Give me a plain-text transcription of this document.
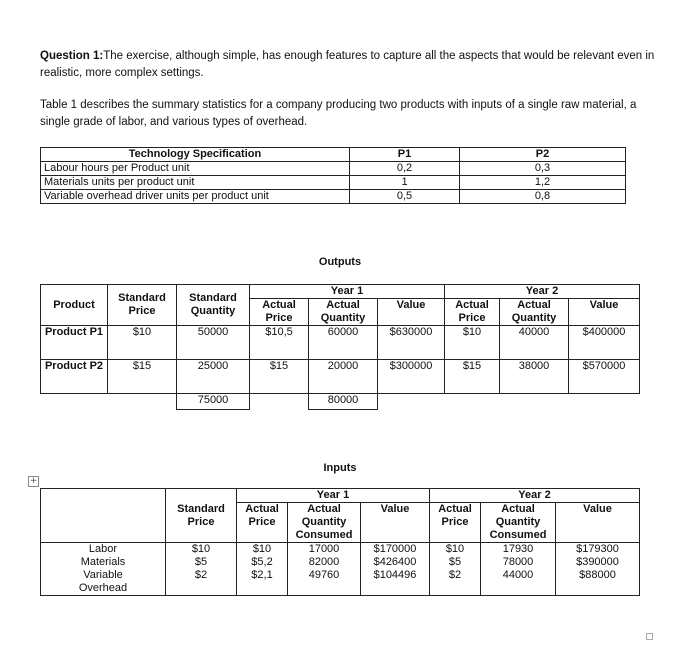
Question 1:The exercise, although simple, has enough features to capture all the aspects that would be relevant even in realistic, more complex settings.
Table 1 describes the summary statistics for a company producing two products with inputs of a single raw material, a single grade of labor, and various types of overhead.
Technology Specification	P1	P2
Labour hours per Product unit	0,2	0,3
Materials units per product unit	1	1,2
Variable overhead driver units per product unit	0,5	0,8
Outputs
Product	Standard Price	Standard Quantity	Year 1			Year 2		
			Actual Price	Actual Quantity	Value	Actual Price	Actual Quantity	Value
Product P1	$10	50000	$10,5	60000	$630000	$10	40000	$400000
Product P2	$15	25000	$15	20000	$300000	$15	38000	$570000
		75000		80000				
Inputs
+
	Standard Price	Year 1			Year 2		
		Actual Price	Actual Quantity Consumed	Value	Actual Price	Actual Quantity Consumed	Value
Labor	$10	$10	17000	$170000	$10	17930	$179300
Materials	$5	$5,2	82000	$426400	$5	78000	$390000
Variable Overhead	$2	$2,1	49760	$104496	$2	44000	$88000
